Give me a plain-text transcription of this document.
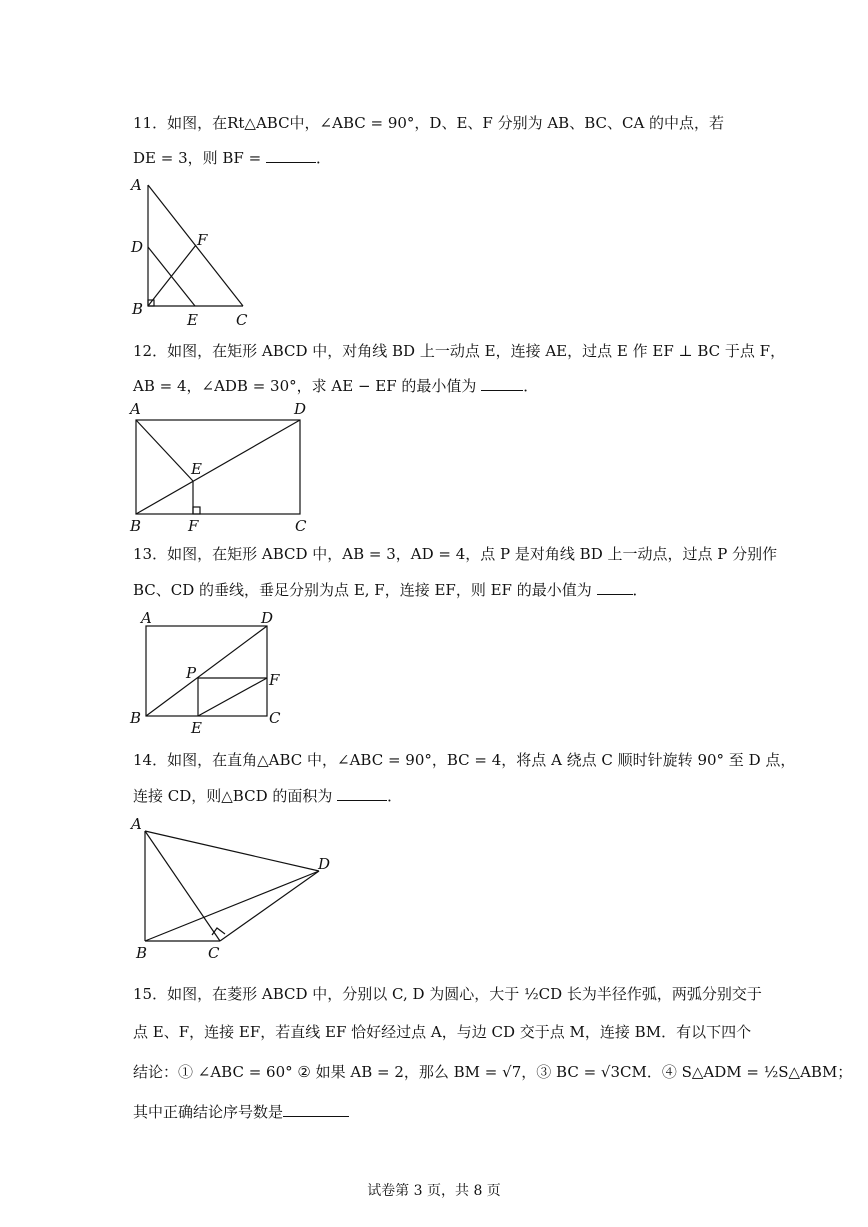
11．如图，在Rt△ABC中，∠ABC = 90°，D、E、F 分别为 AB、BC、CA 的中点，若
DE = 3，则 BF =	．
A
D	F
B
E	C
12．如图，在矩形 ABCD 中，对角线 BD 上一动点 E，连接 AE，过点 E 作 EF ⊥ BC 于点 F，
AB = 4，∠ADB = 30°，求 AE − EF 的最小值为	．
A	D
E
B	F	C
13．如图，在矩形 ABCD 中，AB = 3，AD = 4，点 P 是对角线 BD 上一动点，过点 P 分别作
BC、CD 的垂线，垂足分别为点 E, F，连接 EF，则 EF 的最小值为	．
A	D
P	F
B
E
C
14．如图，在直角△ABC 中，∠ABC = 90°，BC = 4，将点 A 绕点 C 顺时针旋转 90° 至 D 点，
连接 CD，则△BCD 的面积为	．
A
D
B	C
15．如图，在菱形 ABCD 中，分别以 C, D 为圆心，大于 ½CD 长为半径作弧，两弧分别交于
点 E、F，连接 EF，若直线 EF 恰好经过点 A，与边 CD 交于点 M，连接 BM．有以下四个
结论：① ∠ABC = 60° ② 如果 AB = 2，那么 BM = √7，③ BC = √3CM．④ S△ADM = ½S△ABM；
其中正确结论序号数是
试卷第 3 页，共 8 页
